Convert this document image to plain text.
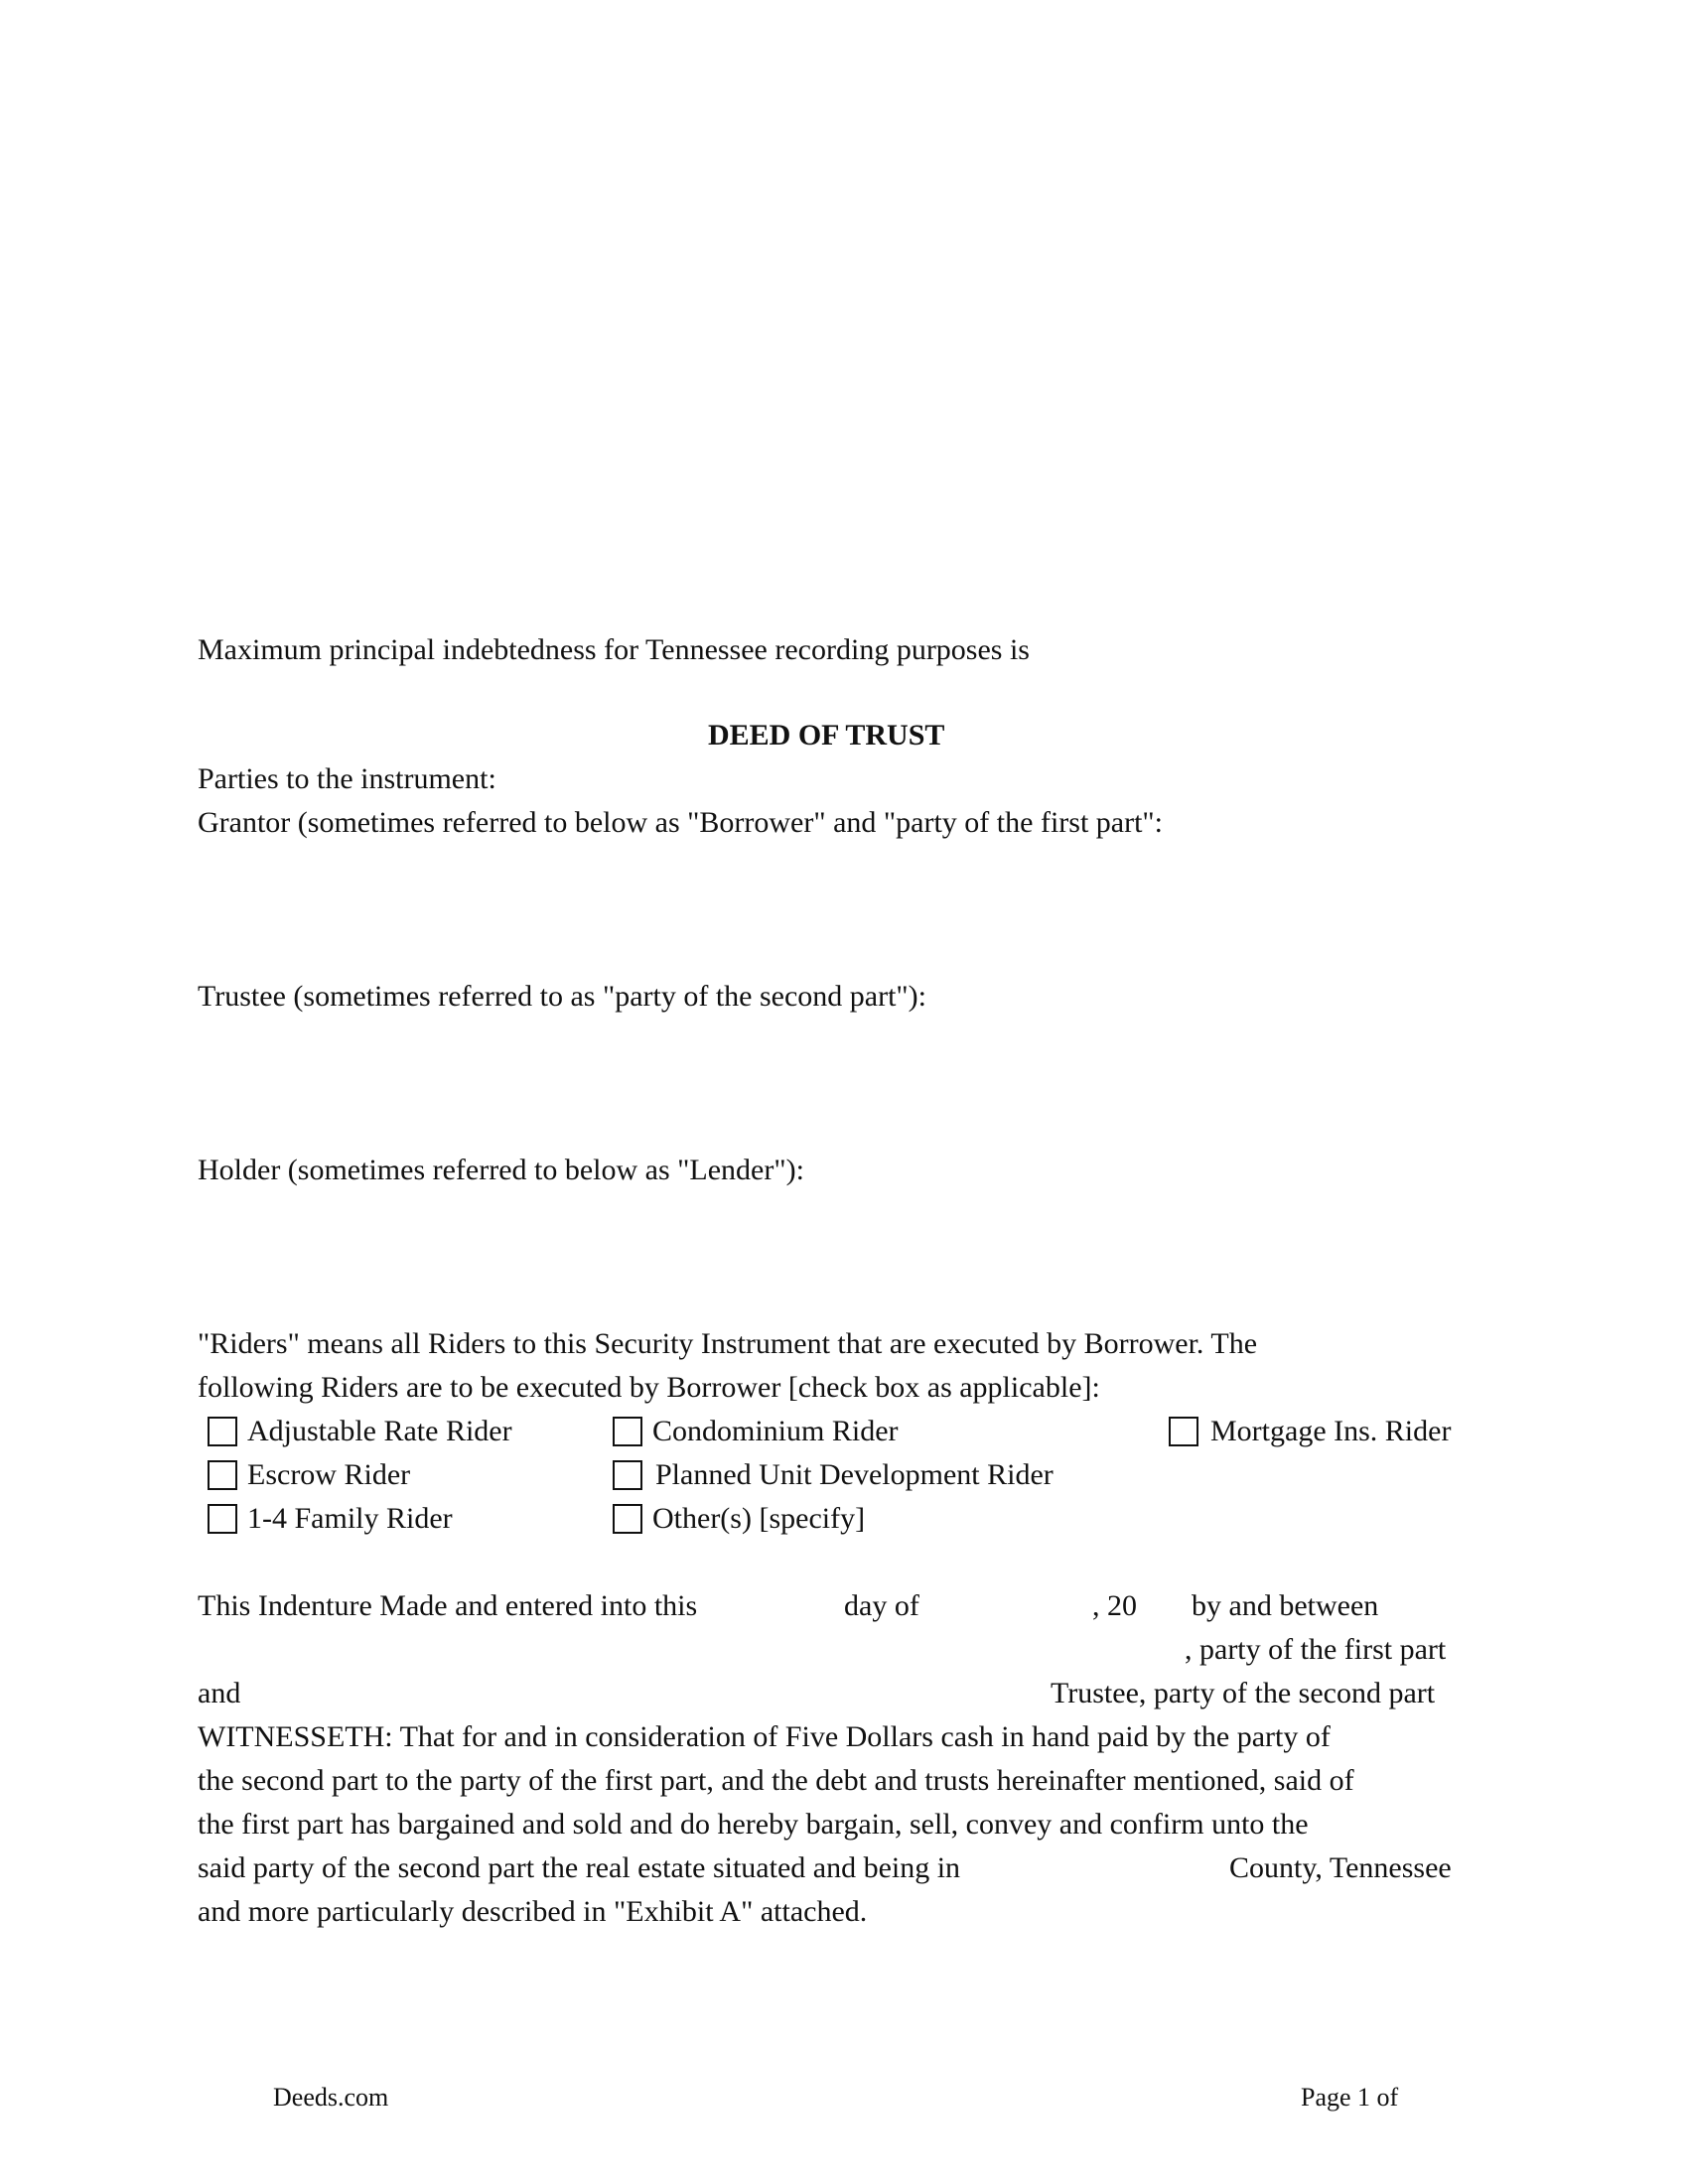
Maximum principal indebtedness for Tennessee recording purposes is
DEED OF TRUST
Parties to the instrument:
Grantor (sometimes referred to below as "Borrower" and "party of the first part":
Trustee (sometimes referred to as "party of the second part"):
Holder (sometimes referred to below as "Lender"):
"Riders" means all Riders to this Security Instrument that are executed by Borrower. The
following Riders are to be executed by Borrower [check box as applicable]:
Adjustable Rate Rider	Condominium Rider	Mortgage Ins. Rider
Escrow Rider	Planned Unit Development Rider
1-4 Family Rider	Other(s) [specify]
This Indenture Made and entered into this	day of	, 20 by and between
, party of the first part
and	Trustee, party of the second part
WITNESSETH: That for and in consideration of Five Dollars cash in hand paid by the party of
the second part to the party of the first part, and the debt and trusts hereinafter mentioned, said of
the first part has bargained and sold and do hereby bargain, sell, convey and confirm unto the
said party of the second part the real estate situated and being in	County, Tennessee
and more particularly described in "Exhibit A" attached.
Deeds.com	Page 1 of
